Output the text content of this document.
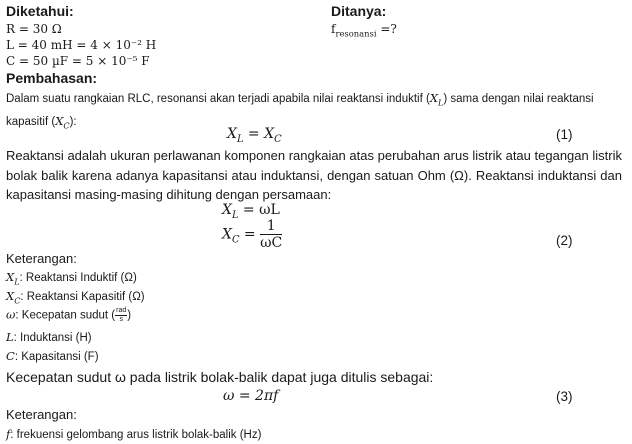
Diketahui:
R = 30 Ω
L = 40 mH = 4 × 10⁻² H
C = 50 µF = 5 × 10⁻⁵ F
Ditanya:
$f_{resonansi}$ =?
Pembahasan:
Dalam suatu rangkaian RLC, resonansi akan terjadi apabila nilai reaktansi induktif $(X_L)$ sama dengan nilai reaktansi kapasitif $(X_C)$:
$X_L = X_C$	(1)
Reaktansi adalah ukuran perlawanan komponen rangkaian atas perubahan arus listrik atau tegangan listrik bolak balik karena adanya kapasitansi atau induktansi, dengan satuan Ohm (Ω). Reaktansi induktansi dan kapasitansi masing-masing dihitung dengan persamaan:
$X_L = \omega L$
$X_C = \frac{1}{\omega C}$	(2)
Keterangan:
$X_L$: Reaktansi Induktif (Ω)
$X_C$: Reaktansi Kapasitif (Ω)
ω: Kecepatan sudut ( rad
s )
L: Induktansi (H)
C: Kapasitansi (F)
Kecepatan sudut ω pada listrik bolak-balik dapat juga ditulis sebagai:
ω = 2πf	(3)
Keterangan:
f: frekuensi gelombang arus listrik bolak-balik (Hz)
